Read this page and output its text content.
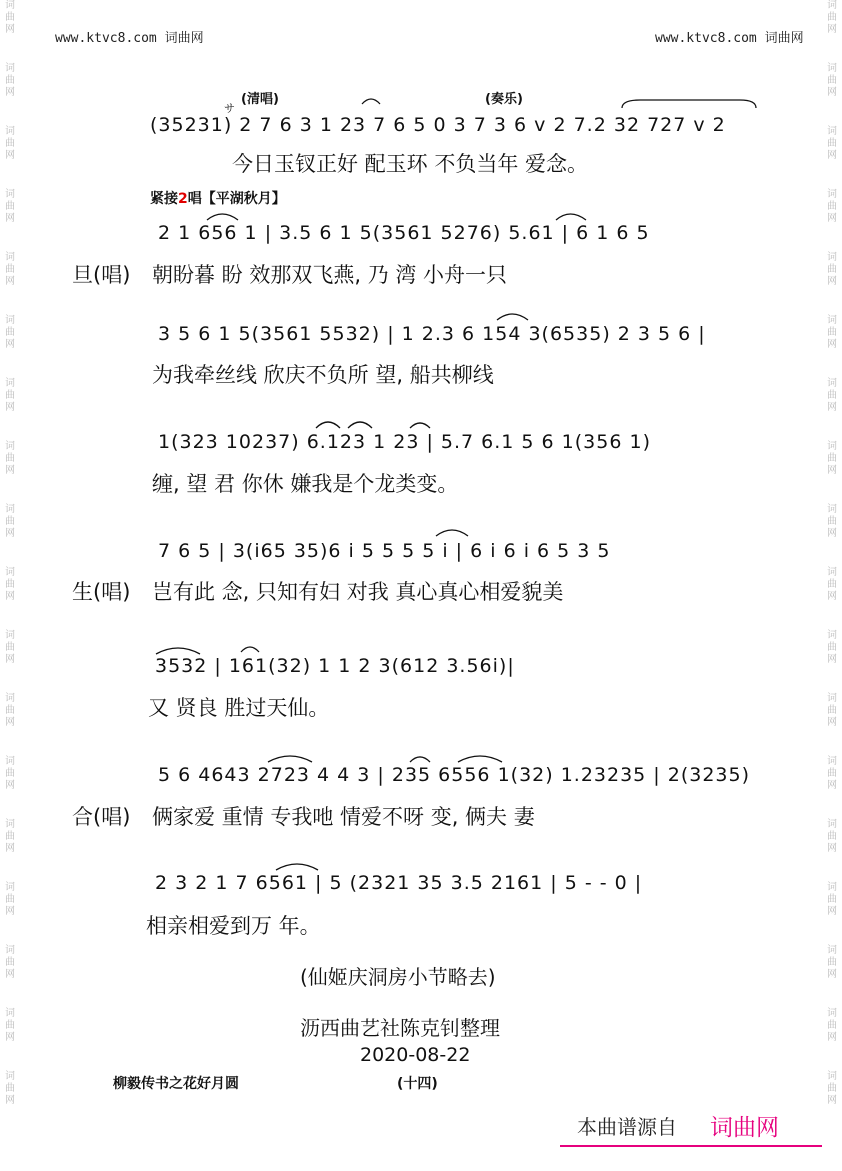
词
曲
网
词
曲
网
词
曲
网
词
曲
网
词
曲
网
词
曲
网
词
曲
网
词
曲
网
词
曲
网
词
曲
网
词
曲
网
词
曲
网
词
曲
网
词
曲
网
词
曲
网
词
曲
网
词
曲
网
词
曲
网
词
曲
网
词
曲
网
词
曲
网
词
曲
网
词
曲
网
词
曲
网
词
曲
网
词
曲
网
词
曲
网
词
曲
网
词
曲
网
词
曲
网
词
曲
网
词
曲
网
词
曲
网
词
曲
网
词
曲
网
词
曲
网
www.ktvc8.com 词曲网	www.ktvc8.com 词曲网
(清唱)	(奏乐)
サ
(35231) 2 7 6 3 1 23 7 6 5 0 3 7 3 6 v 2 7.2 32 727 v 2
今日玉钗正好 配玉环 不负当年 爱念。
紧接2唱【平湖秋月】
2 1 656 1 | 3.5 6 1 5(3561 5276) 5.61 | 6 1 6 5
旦(唱) 朝盼暮 盼 效那双飞燕, 乃 湾 小舟一只
3 5 6 1 5(3561 5532) | 1 2.3 6 154 3(6535) 2 3 5 6 |
为我牵丝线 欣庆不负所 望, 船共柳线
1(323 10237) 6.123 1 23 | 5.7 6.1 5 6 1(356 1)
缠, 望 君 你休 嫌我是个龙类变。
7 6 5 | 3(i65 35)6 i 5 5 5 5 i | 6 i 6 i 6 5 3 5
生(唱) 岂有此 念, 只知有妇 对我 真心真心相爱貌美
3532 | 161(32) 1 1 2 3(612 3.56i)|
又 贤良 胜过天仙。
5 6 4643 2723 4 4 3 | 235 6556 1(32) 1.23235 | 2(3235)
合(唱) 俩家爱 重情 专我吔 情爱不呀 变, 俩夫 妻
2 3 2 1 7 6561 | 5 (2321 35 3.5 2161 | 5 - - 0 |
相亲相爱到万 年。
(仙姬庆洞房小节略去)
沥西曲艺社陈克钊整理
2020-08-22
柳毅传书之花好月圆	(十四)
本曲谱源自 词曲网
